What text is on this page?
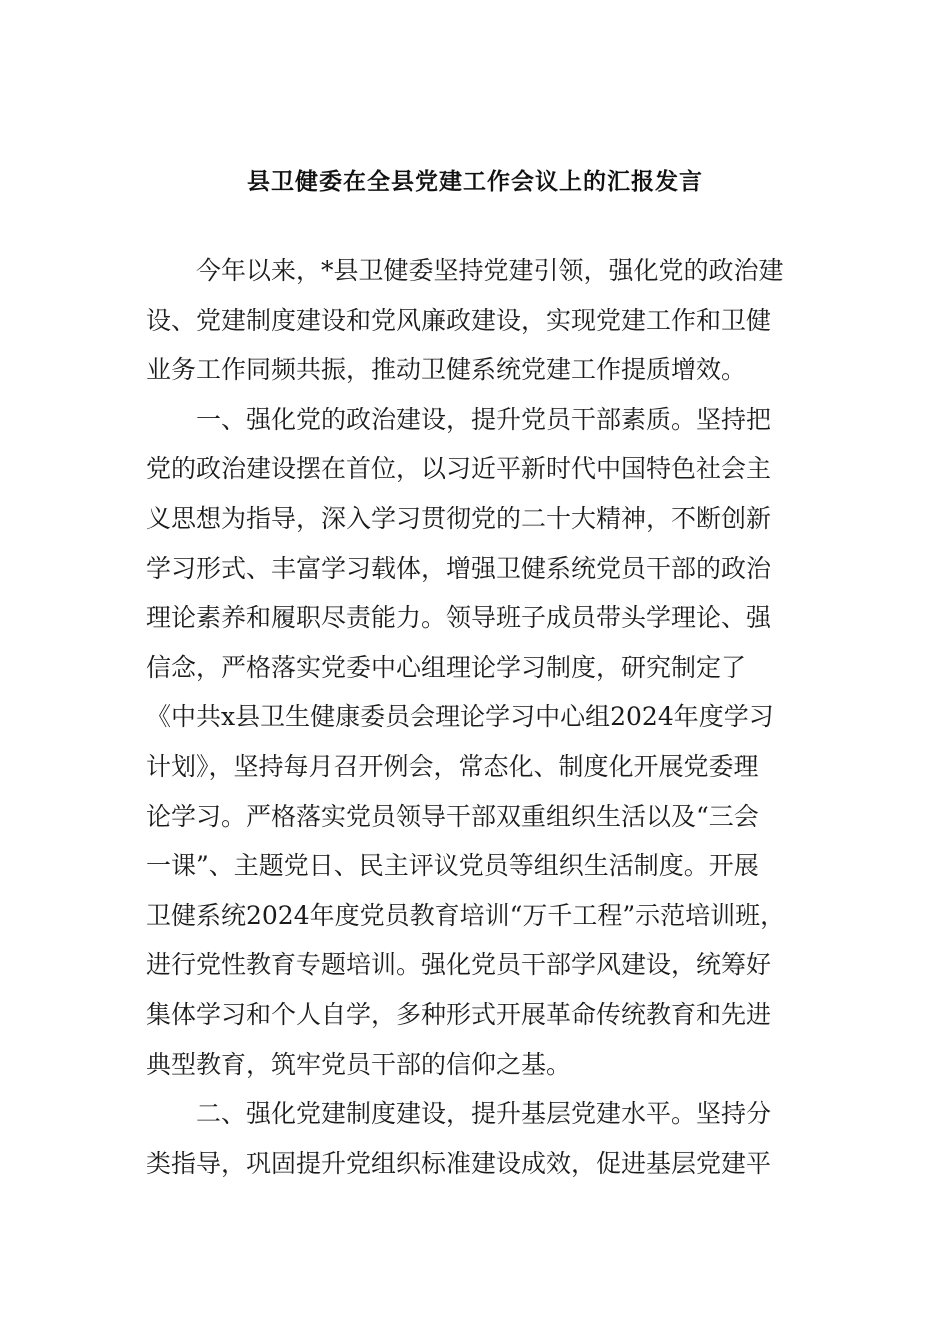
县卫健委在全县党建工作会议上的汇报发言

今年以来，*县卫健委坚持党建引领，强化党的政治建
设、党建制度建设和党风廉政建设，实现党建工作和卫健
业务工作同频共振，推动卫健系统党建工作提质增效。

一、强化党的政治建设，提升党员干部素质。坚持把
党的政治建设摆在首位，以习近平新时代中国特色社会主
义思想为指导，深入学习贯彻党的二十大精神，不断创新
学习形式、丰富学习载体，增强卫健系统党员干部的政治
理论素养和履职尽责能力。领导班子成员带头学理论、强
信念，严格落实党委中心组理论学习制度，研究制定了
《中共x县卫生健康委员会理论学习中心组2024年度学习
计划》，坚持每月召开例会，常态化、制度化开展党委理
论学习。严格落实党员领导干部双重组织生活以及“三会
一课”、主题党日、民主评议党员等组织生活制度。开展
卫健系统2024年度党员教育培训“万千工程”示范培训班，
进行党性教育专题培训。强化党员干部学风建设，统筹好
集体学习和个人自学，多种形式开展革命传统教育和先进
典型教育，筑牢党员干部的信仰之基。

二、强化党建制度建设，提升基层党建水平。坚持分
类指导，巩固提升党组织标准建设成效，促进基层党建平
